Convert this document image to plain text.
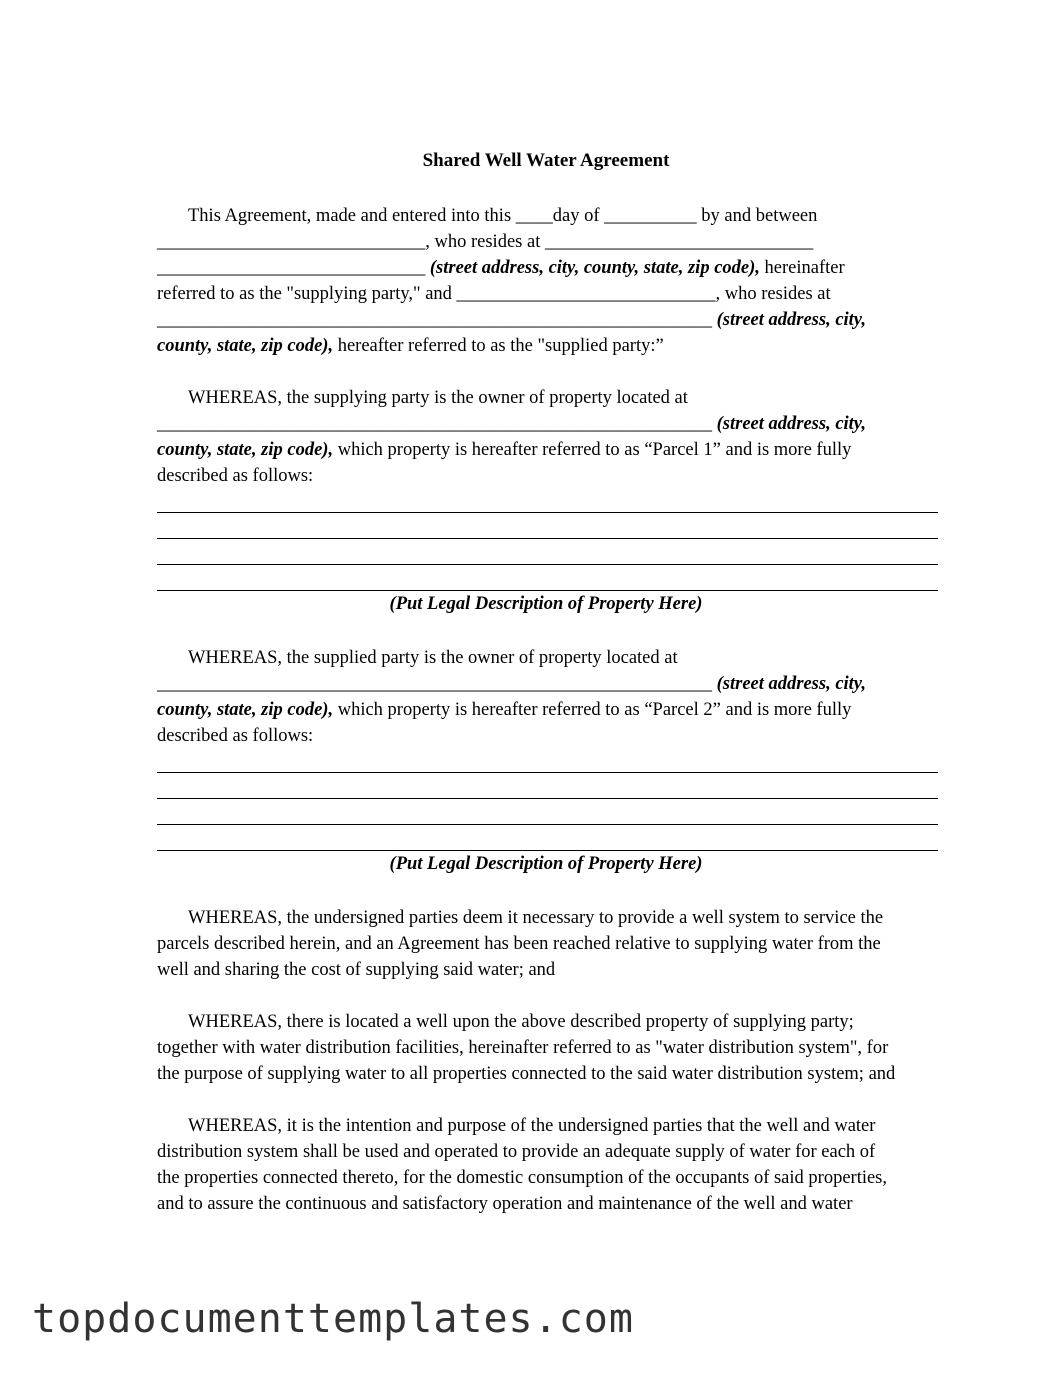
Shared Well Water Agreement
This Agreement, made and entered into this ____day of __________ by and between
_____________________________, who resides at _____________________________
_____________________________ (street address, city, county, state, zip code), hereinafter
referred to as the "supplying party," and ____________________________, who resides at
____________________________________________________________ (street address, city,
county, state, zip code), hereafter referred to as the "supplied party:”
WHEREAS, the supplying party is the owner of property located at
____________________________________________________________ (street address, city,
county, state, zip code), which property is hereafter referred to as “Parcel 1” and is more fully
described as follows:
(Put Legal Description of Property Here)
WHEREAS, the supplied party is the owner of property located at
____________________________________________________________ (street address, city,
county, state, zip code), which property is hereafter referred to as “Parcel 2” and is more fully
described as follows:
(Put Legal Description of Property Here)
WHEREAS, the undersigned parties deem it necessary to provide a well system to service the
parcels described herein, and an Agreement has been reached relative to supplying water from the
well and sharing the cost of supplying said water; and
WHEREAS, there is located a well upon the above described property of supplying party;
together with water distribution facilities, hereinafter referred to as "water distribution system", for
the purpose of supplying water to all properties connected to the said water distribution system; and
WHEREAS, it is the intention and purpose of the undersigned parties that the well and water
distribution system shall be used and operated to provide an adequate supply of water for each of
the properties connected thereto, for the domestic consumption of the occupants of said properties,
and to assure the continuous and satisfactory operation and maintenance of the well and water
topdocumenttemplates.com
